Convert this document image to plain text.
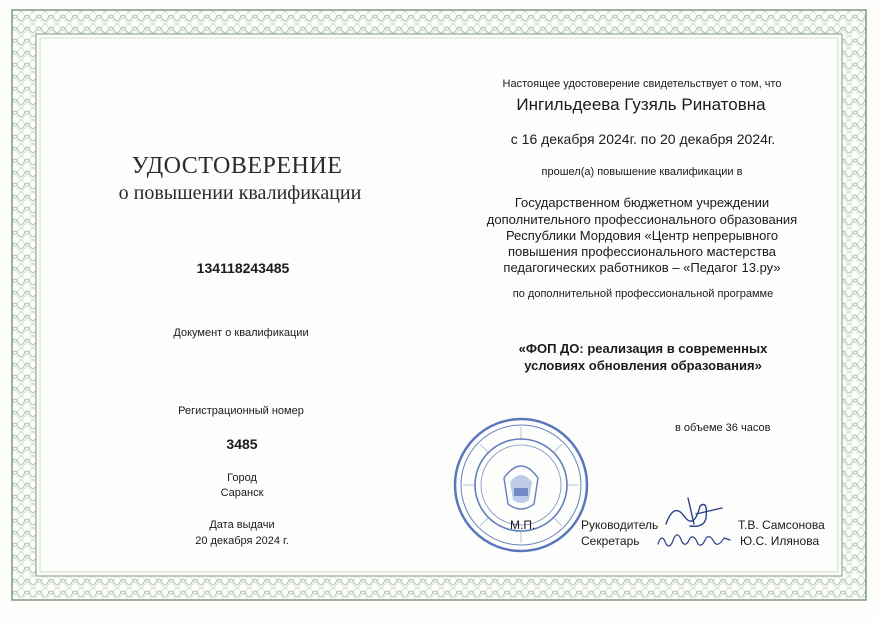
УДОСТОВЕРЕНИЕ
о повышении квалификации
134118243485
Документ о квалификации
Регистрационный номер
3485
Город
Саранск
Дата выдачи
20 декабря 2024 г.
Настоящее удостоверение свидетельствует о том, что
Ингильдеева Гузяль Ринатовна
с 16 декабря 2024г. по 20 декабря 2024г.
прошел(а) повышение квалификации в
Государственном бюджетном учреждении
дополнительного профессионального образования
Республики Мордовия «Центр непрерывного
повышения профессионального мастерства
педагогических работников – «Педагог 13.ру»
по дополнительной профессиональной программе
«ФОП ДО: реализация в современных
условиях обновления образования»
в объеме 36 часов
М.П.	Руководитель	Т.В. Самсонова
Секретарь	Ю.С. Илянова
